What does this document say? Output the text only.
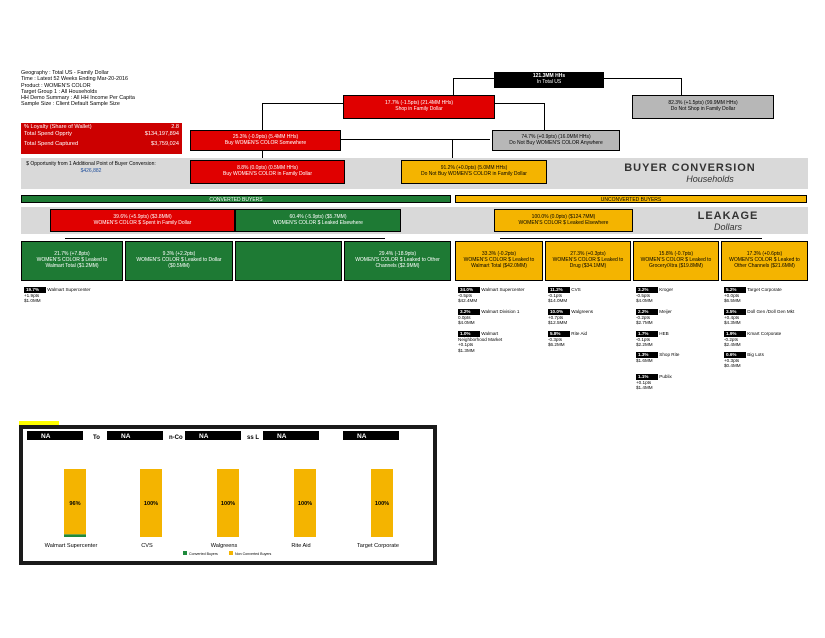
Geography : Total US - Family Dollar
Time : Latest 52 Weeks Ending Mar-20-2016
Product : WOMEN'S COLOR
Target Group 1 : All Households
HH Demo Summary : All HH Income Per Capita
Sample Size : Client Default Sample Size
% Loyalty (Share of Wallet)	2.8
Total Spend Opprty	$134,197,894
Total Spend Captured	$3,759,024
121.3MM HHs
In Total US
17.7% (-1.5pts) (21.4MM HHs)
Shop in Family Dollar
82.3% (+1.5pts) (99.9MM HHs)
Do Not Shop in Family Dollar
25.3% (-0.9pts) (5.4MM HHs)
Buy WOMEN'S COLOR Somewhere
74.7% (+0.9pts) (16.0MM HHs)
Do Not Buy WOMEN'S COLOR Anywhere
$ Opportunity from 1 Additional Point of Buyer Conversion:
$426,882	8.8% (0.0pts) (0.5MM HHs)
Buy WOMEN'S COLOR in Family Dollar
91.2% (+0.0pts) (5.0MM HHs)
Do Not Buy WOMEN'S COLOR in Family Dollar	BUYER CONVERSION
Households
CONVERTED BUYERS	UNCONVERTED BUYERS
39.6% (+5.9pts) ($3.8MM)
WOMEN'S COLOR $ Spent in Family Dollar
60.4% (-5.9pts) ($5.7MM)
WOMEN'S COLOR $ Leaked Elsewhere
100.0% (0.0pts) ($124.7MM)
WOMEN'S COLOR $ Leaked Elsewhere
LEAKAGE
Dollars
21.7% (+7.8pts)
WOMEN'S COLOR $ Leaked to
Walmart Total ($1.2MM)
9.3% (+2.2pts)
WOMEN'S COLOR $ Leaked to Dollar
($0.5MM)
29.4% (-18.9pts)
WOMEN'S COLOR $ Leaked to Other
Channels ($2.9MM)
33.3% (-0.2pts)
WOMEN'S COLOR $ Leaked to
Walmart Total ($42.0MM)
27.3% (+0.3pts)
WOMEN'S COLOR $ Leaked to
Drug ($34.1MM)
15.8% (-0.7pts)
WOMEN'S COLOR $ Leaked to
Grocery/Xtra ($19.8MM)
17.3% (+0.6pts)
WOMEN'S COLOR $ Leaked to
Other Channels ($21.6MM)
19.7% Walmart Supercenter
+1.9pts
$1.0MM
34.0% Walmart Supercenter
-0.5pts
$42.4MM
3.2% Walmart Division 1
0.0pts
$4.0MM
1.0% Walmart Neighborhood Market
+0.1pts
$1.3MM
11.2% CVS
-0.1pts
$14.0MM
10.0% Walgreens
+0.7pts
$12.5MM
5.8% Rite Aid
-0.3pts
$6.2MM
3.2% Kroger
-0.5pts
$4.0MM
2.2% Meijer
-0.2pts
$2.7MM
1.7% HEB
-0.1pts
$2.2MM
1.3% Shop Rite
$1.6MM
1.1% Publix
+0.1pts
$1.4MM
5.2% Target Corporate
+0.0pts
$6.5MM
3.5% Doll Gen /Doll Gen Mkt
+0.4pts
$4.3MM
1.9% Kmart Corporate
-0.2pts
$2.4MM
0.6% Big Lots
+0.3pts
$0.4MM
NA	NA	NA	NA	NA
To	n-Co	ss L
96%
Walmart Supercenter
100%
CVS
100%
Walgreens
100%
Rite Aid
100%
Target Corporate
Converted Buyers	Non Converted Buyers
